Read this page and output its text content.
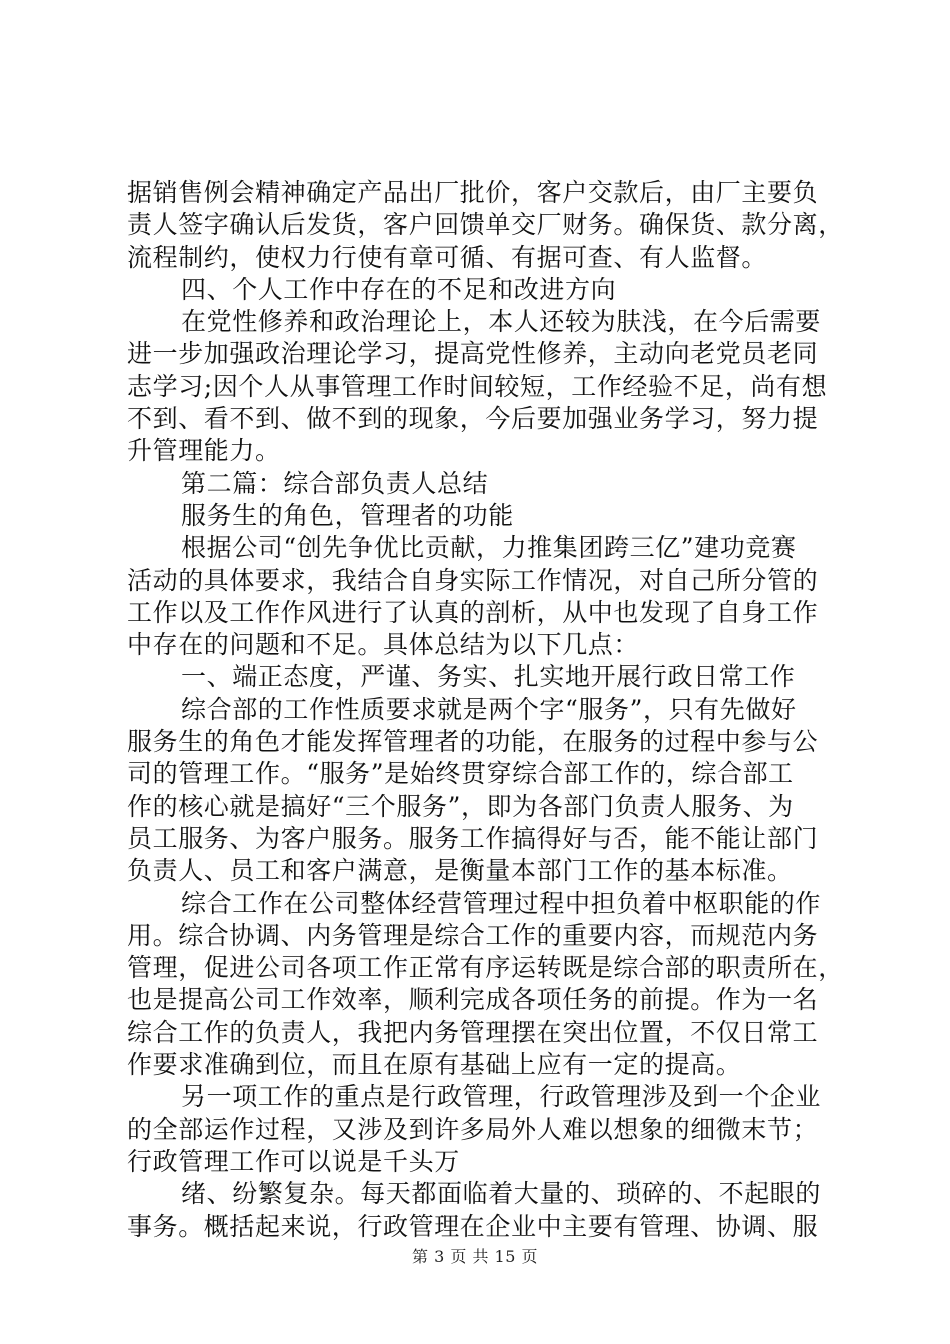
据销售例会精神确定产品出厂批价，客户交款后，由厂主要负
责人签字确认后发货，客户回馈单交厂财务。确保货、款分离，
流程制约，使权力行使有章可循、有据可查、有人监督。
四、个人工作中存在的不足和改进方向
在党性修养和政治理论上，本人还较为肤浅，在今后需要
进一步加强政治理论学习，提高党性修养，主动向老党员老同
志学习;因个人从事管理工作时间较短，工作经验不足，尚有想
不到、看不到、做不到的现象，今后要加强业务学习，努力提
升管理能力。
第二篇：综合部负责人总结
服务生的角色，管理者的功能
根据公司“创先争优比贡献，力推集团跨三亿”建功竞赛
活动的具体要求，我结合自身实际工作情况，对自己所分管的
工作以及工作作风进行了认真的剖析，从中也发现了自身工作
中存在的问题和不足。具体总结为以下几点：
一、端正态度，严谨、务实、扎实地开展行政日常工作
综合部的工作性质要求就是两个字“服务”，只有先做好
服务生的角色才能发挥管理者的功能，在服务的过程中参与公
司的管理工作。“服务”是始终贯穿综合部工作的，综合部工
作的核心就是搞好“三个服务”，即为各部门负责人服务、为
员工服务、为客户服务。服务工作搞得好与否，能不能让部门
负责人、员工和客户满意，是衡量本部门工作的基本标准。
综合工作在公司整体经营管理过程中担负着中枢职能的作
用。综合协调、内务管理是综合工作的重要内容，而规范内务
管理，促进公司各项工作正常有序运转既是综合部的职责所在，
也是提高公司工作效率，顺利完成各项任务的前提。作为一名
综合工作的负责人，我把内务管理摆在突出位置，不仅日常工
作要求准确到位，而且在原有基础上应有一定的提高。
另一项工作的重点是行政管理，行政管理涉及到一个企业
的全部运作过程，又涉及到许多局外人难以想象的细微末节；
行政管理工作可以说是千头万
绪、纷繁复杂。每天都面临着大量的、琐碎的、不起眼的
事务。概括起来说，行政管理在企业中主要有管理、协调、服
第 3 页 共 15 页
